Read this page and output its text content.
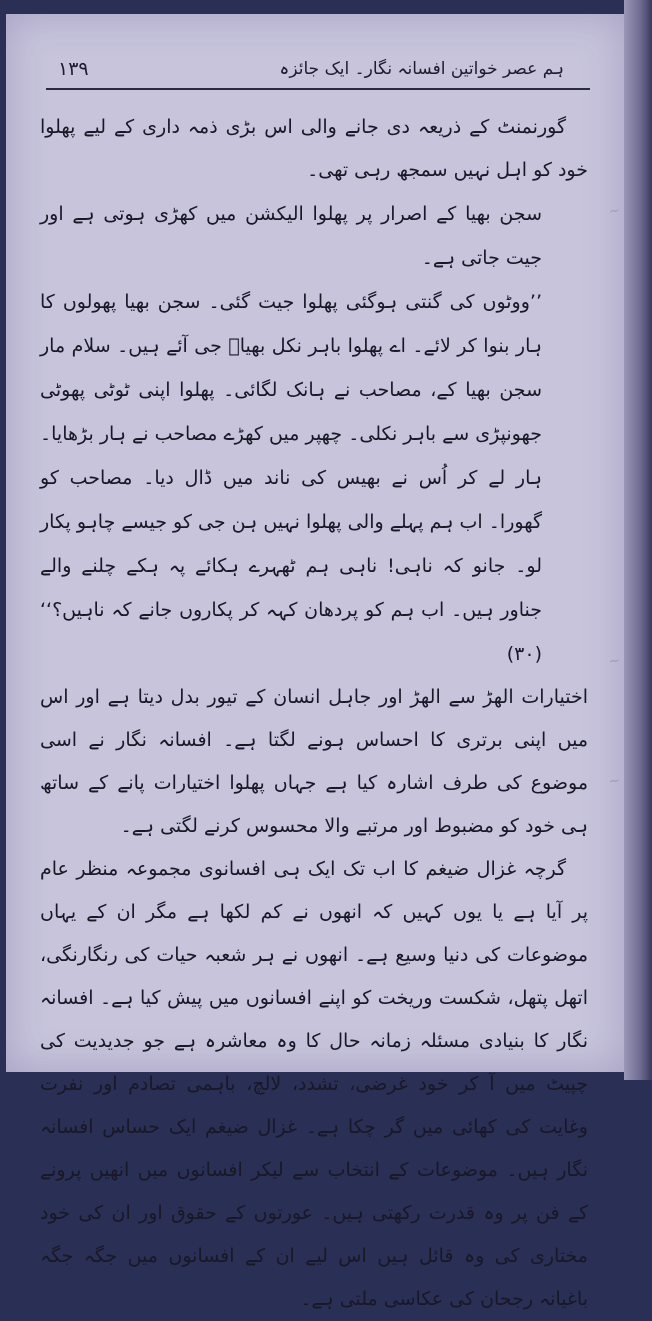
۱۳۹	ہم عصر خواتین افسانہ نگار۔ ایک جائزہ

گورنمنٹ کے ذریعہ دی جانے والی اس بڑی ذمہ داری کے لیے پھلوا خود کو اہل نہیں سمجھ رہی تھی۔

سجن بھیا کے اصرار پر پھلوا الیکشن میں کھڑی ہوتی ہے اور جیت جاتی ہے۔

’’ووٹوں کی گنتی ہوگئی پھلوا جیت گئی۔ سجن بھیا پھولوں کا ہار بنوا کر لائے۔ اے پھلوا باہر نکل بھیاؔ جی آئے ہیں۔ سلام مار سجن بھیا کے، مصاحب نے ہانک لگائی۔ پھلوا اپنی ٹوٹی پھوٹی جھونپڑی سے باہر نکلی۔ چھپر میں کھڑے مصاحب نے ہار بڑھایا۔ ہار لے کر اُس نے بھیس کی ناند میں ڈال دیا۔ مصاحب کو گھورا۔ اب ہم پہلے والی پھلوا نہیں ہن جی کو جیسے چاہو پکار لو۔ جانو کہ ناہی! ناہی ہم ٹھہرے ہکائے پہ ہکے چلنے والے جناور ہیں۔ اب ہم کو پردھان کہہ کر پکاروں جانے کہ ناہیں؟‘‘ (۳۰)

اختیارات الھڑ سے الھڑ اور جاہل انسان کے تیور بدل دیتا ہے اور اس میں اپنی برتری کا احساس ہونے لگتا ہے۔ افسانہ نگار نے اسی موضوع کی طرف اشارہ کیا ہے جہاں پھلوا اختیارات پانے کے ساتھ ہی خود کو مضبوط اور مرتبے والا محسوس کرنے لگتی ہے۔

گرچہ غزال ضیغم کا اب تک ایک ہی افسانوی مجموعہ منظر عام پر آیا ہے یا یوں کہیں کہ انھوں نے کم لکھا ہے مگر ان کے یہاں موضوعات کی دنیا وسیع ہے۔ انھوں نے ہر شعبہ حیات کی رنگارنگی، اتھل پتھل، شکست وریخت کو اپنے افسانوں میں پیش کیا ہے۔ افسانہ نگار کا بنیادی مسئلہ زمانہ حال کا وہ معاشرہ ہے جو جدیدیت کی چپیٹ میں آ کر خود غرضی، تشدد، لالچ، باہمی تصادم اور نفرت وغایت کی کھائی میں گر چکا ہے۔ غزال ضیغم ایک حساس افسانہ نگار ہیں۔ موضوعات کے انتخاب سے لیکر افسانوں میں انھیں پرونے کے فن پر وہ قدرت رکھتی ہیں۔ عورتوں کے حقوق اور ان کی خود مختاری کی وہ قائل ہیں اس لیے ان کے افسانوں میں جگہ جگہ باغیانہ رجحان کی عکاسی ملتی ہے۔

~
~
~
